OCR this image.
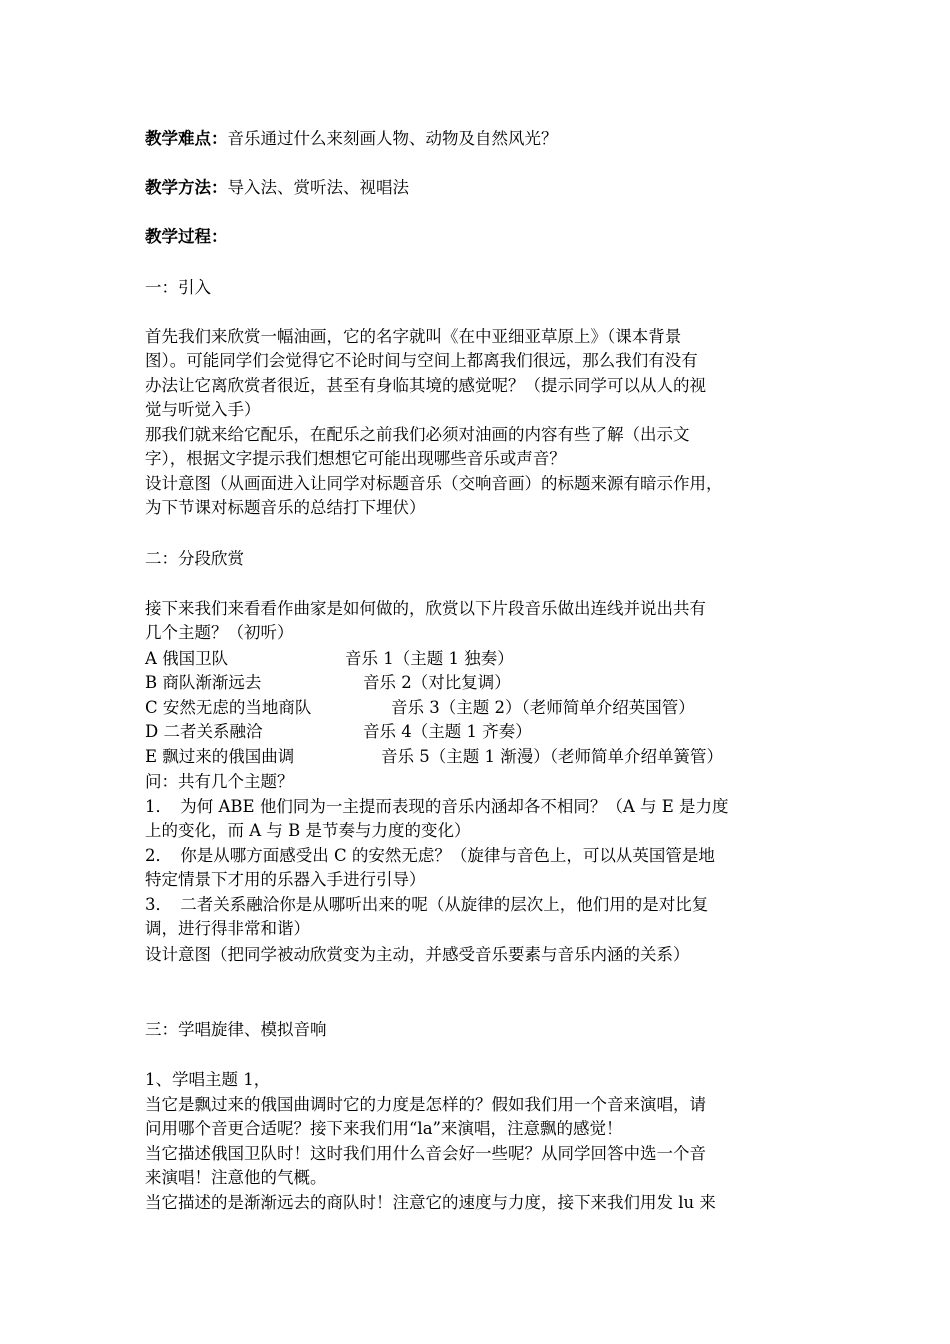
教学难点：音乐通过什么来刻画人物、动物及自然风光？
教学方法：导入法、赏听法、视唱法
教学过程：
一：引入
首先我们来欣赏一幅油画，它的名字就叫《在中亚细亚草原上》（课本背景
图）。可能同学们会觉得它不论时间与空间上都离我们很远，那么我们有没有
办法让它离欣赏者很近，甚至有身临其境的感觉呢？（提示同学可以从人的视
觉与听觉入手）
那我们就来给它配乐，在配乐之前我们必须对油画的内容有些了解（出示文
字），根据文字提示我们想想它可能出现哪些音乐或声音？
设计意图（从画面进入让同学对标题音乐（交响音画）的标题来源有暗示作用，
为下节课对标题音乐的总结打下埋伏）
二：分段欣赏
接下来我们来看看作曲家是如何做的，欣赏以下片段音乐做出连线并说出共有
几个主题？（初听）
A 俄国卫队	音乐 1（主题 1 独奏）
B 商队渐渐远去	音乐 2（对比复调）
C 安然无虑的当地商队	音乐 3（主题 2）（老师简单介绍英国管）
D 二者关系融洽	音乐 4（主题 1 齐奏）
E 飘过来的俄国曲调	音乐 5（主题 1 渐漫）（老师简单介绍单簧管）
问：共有几个主题？
1．　为何 ABE 他们同为一主提而表现的音乐内涵却各不相同？（A 与 E 是力度
上的变化，而 A 与 B 是节奏与力度的变化）
2．　你是从哪方面感受出 C 的安然无虑？（旋律与音色上，可以从英国管是地
特定情景下才用的乐器入手进行引导）
3．　二者关系融洽你是从哪听出来的呢（从旋律的层次上，他们用的是对比复
调，进行得非常和谐）
设计意图（把同学被动欣赏变为主动，并感受音乐要素与音乐内涵的关系）
三：学唱旋律、模拟音响
1、学唱主题 1，
当它是飘过来的俄国曲调时它的力度是怎样的？假如我们用一个音来演唱，请
问用哪个音更合适呢？接下来我们用“la”来演唱，注意飘的感觉！
当它描述俄国卫队时！这时我们用什么音会好一些呢？从同学回答中选一个音
来演唱！注意他的气概。
当它描述的是渐渐远去的商队时！注意它的速度与力度，接下来我们用发 lu 来
